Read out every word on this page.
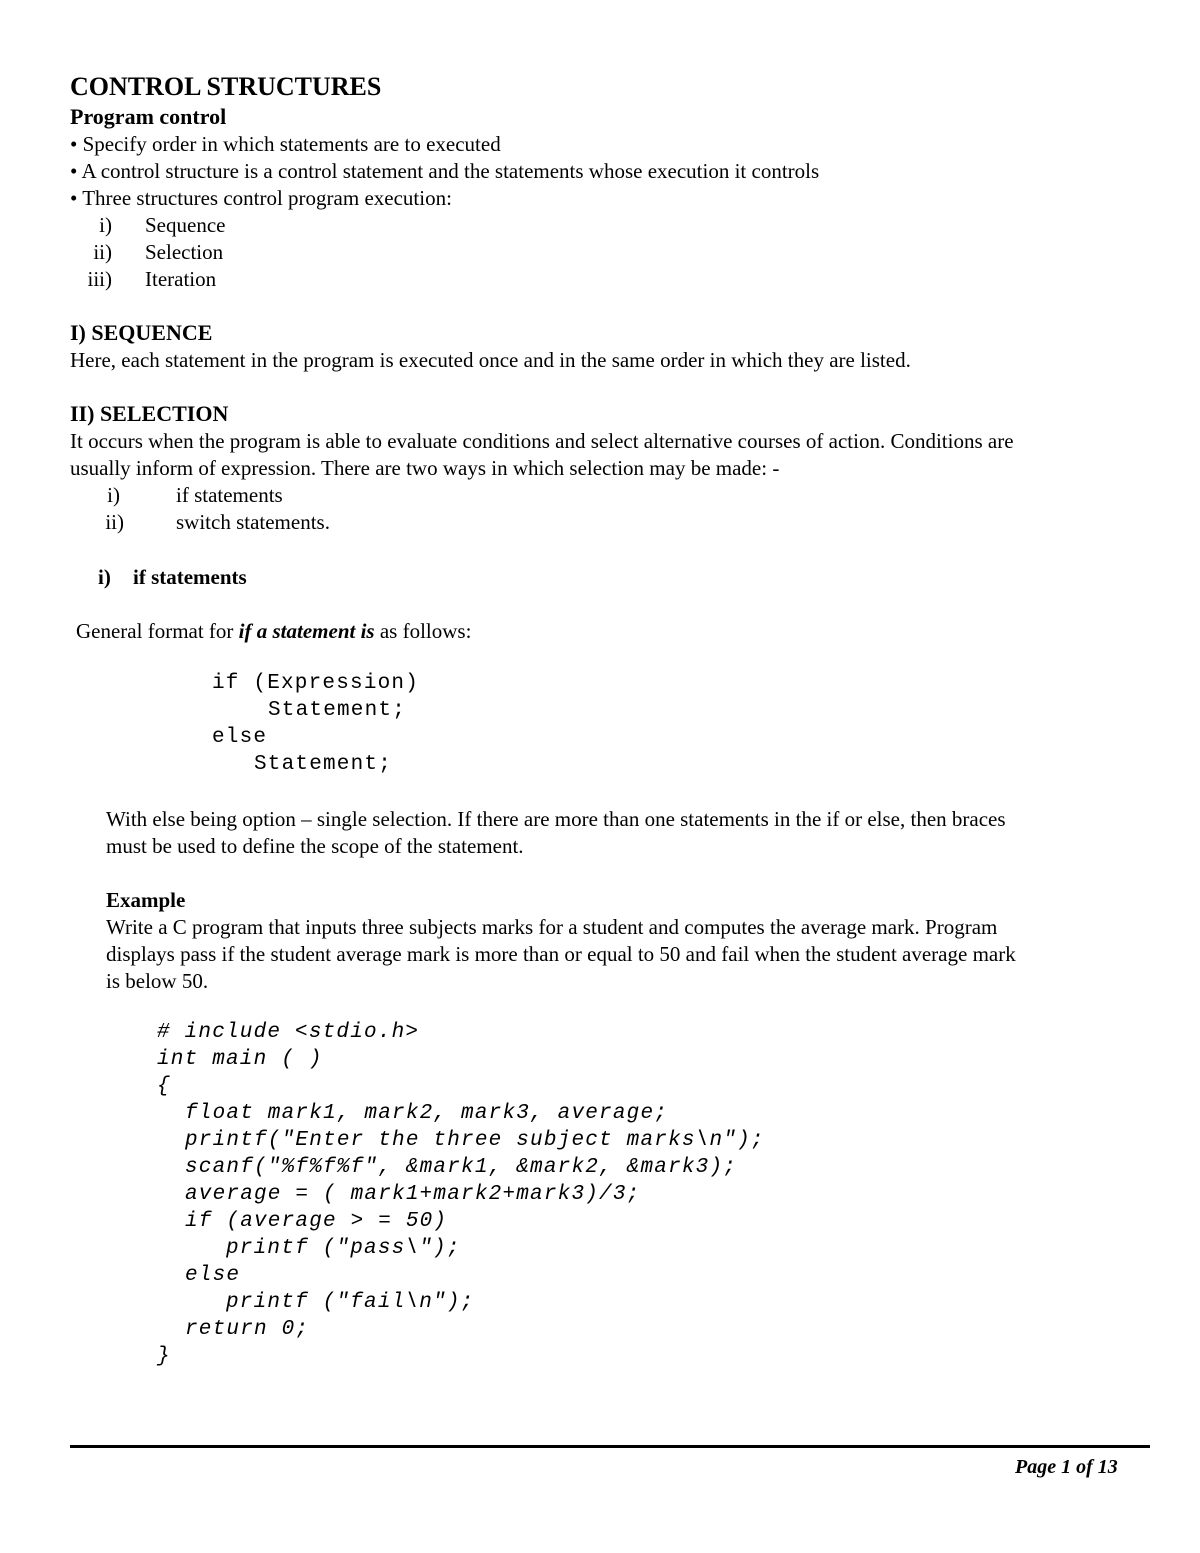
CONTROL STRUCTURES
Program control
• Specify order in which statements are to executed
• A control structure is a control statement and the statements whose execution it controls
• Three structures control program execution:
i) Sequence
ii) Selection
iii) Iteration
I) SEQUENCE
Here, each statement in the program is executed once and in the same order in which they are listed.
II) SELECTION
It occurs when the program is able to evaluate conditions and select alternative courses of action. Conditions are
usually inform of expression. There are two ways in which selection may be made: -
i)	if statements
ii) switch statements.
i) if statements
General format for if a statement is as follows:
if (Expression)
Statement;
else
Statement;
With else being option – single selection. If there are more than one statements in the if or else, then braces
must be used to define the scope of the statement.
Example
Write a C program that inputs three subjects marks for a student and computes the average mark. Program
displays pass if the student average mark is more than or equal to 50 and fail when the student average mark
is below 50.
# include <stdio.h>
int main ( )
{
float mark1, mark2, mark3, average;
printf("Enter the three subject marks\n");
scanf("%f%f%f", &mark1, &mark2, &mark3);
average = ( mark1+mark2+mark3)/3;
if (average > = 50)
printf ("pass\");
else
printf ("fail\n");
return 0;
}
Page 1 of 13
